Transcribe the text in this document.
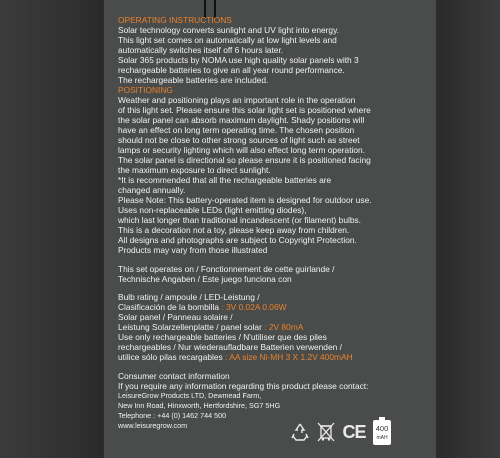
OPERATING INSTRUCTIONS
Solar technology converts sunlight and UV light into energy.
This light set comes on automatically at low light levels and
automatically switches itself off 6 hours later.
Solar 365 products by NOMA use high quality solar panels with 3
rechargeable batteries to give an all year round performance.
The rechargeable batteries are included.
POSITIONING
Weather and positioning plays an important role in the operation
of this light set. Please ensure this solar light set is positioned where
the solar panel can absorb maximum daylight. Shady positions will
have an effect on long term operating time. The chosen position
should not be close to other strong sources of light such as street
lamps or security lighting which will also effect long term operation.
The solar panel is directional so please ensure it is positioned facing
the maximum exposure to direct sunlight.
*It is recommended that all the rechargeable batteries are
changed annually.
Please Note: This battery-operated item is designed for outdoor use.
Uses non-replaceable LEDs (light emitting diodes),
which last longer than traditional incandescent (or filament) bulbs.
This is a decoration not a toy, please keep away from children.
All designs and photographs are subject to Copyright Protection.
Products may vary from those illustrated
This set operates on / Fonctionnement de cette guirlande /
Technische Angaben / Este juego funciona con
Bulb rating / ampoule / LED-Leistung /
Clasificación de la bombilla : 3V 0.02A 0.06W
Solar panel / Panneau solaire /
Leistung Solarzellenplatte / panel solar : 2V 80mA
Use only rechargeable batteries / N'utiliser que des piles
rechargeables / Nur wiederaufladbare Batterien verwenden /
utilice sólo pilas recargables : AA size Ni-MH 3 X 1.2V 400mAH
Consumer contact information
If you require any information regarding this product please contact:
LeisureGrow Products LTD, Dewmead Farm,
New Inn Road, Hinxworth, Hertfordshire, SG7 5HG
Telephone : +44 (0) 1462 744 500
www.leisuregrow.com	CE	400
mAH
